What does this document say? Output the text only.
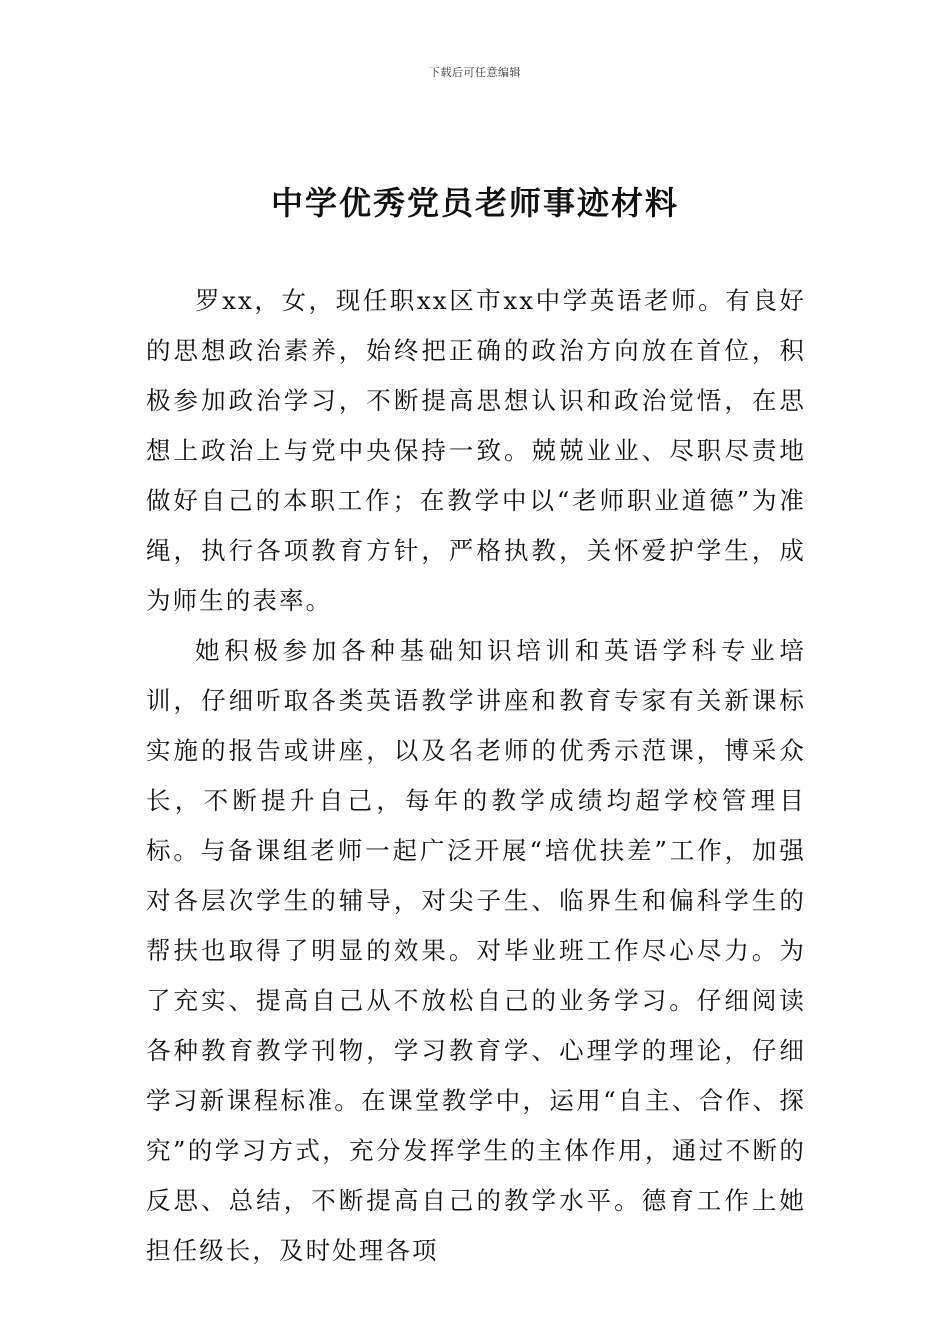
下载后可任意编辑
中学优秀党员老师事迹材料

罗xx，女，现任职xx区市xx中学英语老师。有良好的思想政治素养，始终把正确的政治方向放在首位，积极参加政治学习，不断提高思想认识和政治觉悟，在思想上政治上与党中央保持一致。兢兢业业、尽职尽责地做好自己的本职工作；在教学中以“老师职业道德”为准绳，执行各项教育方针，严格执教，关怀爱护学生，成为师生的表率。

她积极参加各种基础知识培训和英语学科专业培训，仔细听取各类英语教学讲座和教育专家有关新课标实施的报告或讲座，以及名老师的优秀示范课，博采众长，不断提升自己，每年的教学成绩均超学校管理目标。与备课组老师一起广泛开展“培优扶差”工作，加强对各层次学生的辅导，对尖子生、临界生和偏科学生的帮扶也取得了明显的效果。对毕业班工作尽心尽力。为了充实、提高自己从不放松自己的业务学习。仔细阅读各种教育教学刊物，学习教育学、心理学的理论，仔细学习新课程标准。在课堂教学中，运用“自主、合作、探究”的学习方式，充分发挥学生的主体作用，通过不断的反思、总结，不断提高自己的教学水平。德育工作上她担任级长，及时处理各项
